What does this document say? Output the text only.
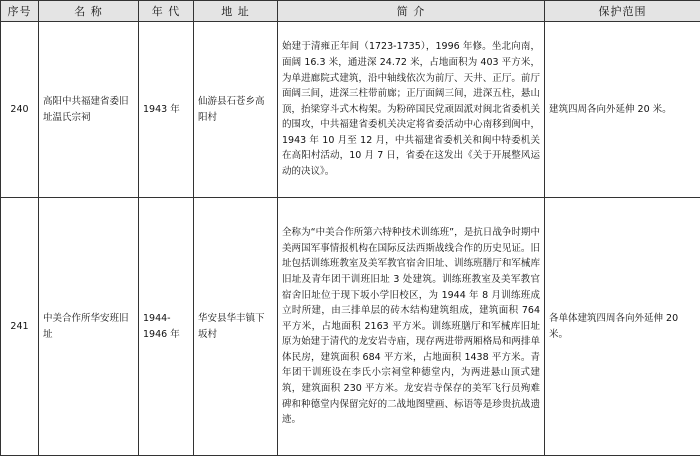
序号	名 称	年 代	地 址	简 介	保护范围
240	高阳中共福建省委旧址温氏宗祠	1943 年	仙游县石苍乡高阳村	始建于清雍正年间（1723-1735），1996 年修。坐北向南，面阔 16.3 米，通进深 24.72 米，占地面积为 403 平方米，为单进廊院式建筑，沿中轴线依次为前厅、天井、正厅。前厅面阔三间，进深三柱带前廊；正厅面阔三间，进深五柱，悬山顶，抬梁穿斗式木构架。为粉碎国民党顽固派对闽北省委机关的围攻，中共福建省委机关决定将省委活动中心南移到闽中，1943 年 10 月至 12 月，中共福建省委机关和闽中特委机关在高阳村活动，10 月 7 日，省委在这发出《关于开展整风运动的决议》。	建筑四周各向外延伸 20 米。
241	中美合作所华安班旧址	1944-1946 年	华安县华丰镇下坂村	全称为“中美合作所第六特种技术训练班”，是抗日战争时期中美两国军事情报机构在国际反法西斯战线合作的历史见证。旧址包括训练班教室及美军教官宿舍旧址、训练班膳厅和军械库旧址及青年团干训班旧址 3 处建筑。训练班教室及美军教官宿舍旧址位于现下坂小学旧校区，为 1944 年 8 月训练班成立时所建，由三排单层的砖木结构建筑组成，建筑面积 764 平方米，占地面积 2163 平方米。训练班膳厅和军械库旧址原为始建于清代的龙安岩寺庙，现存两进带两厢格局和两排单体民房，建筑面积 684 平方米，占地面积 1438 平方米。青年团干训班设在李氏小宗祠堂种德堂内，为两进悬山顶式建筑，建筑面积 230 平方米。龙安岩寺保存的美军飞行员殉难碑和种德堂内保留完好的二战地图壁画、标语等是珍贵抗战遗迹。	各单体建筑四周各向外延伸 20 米。
